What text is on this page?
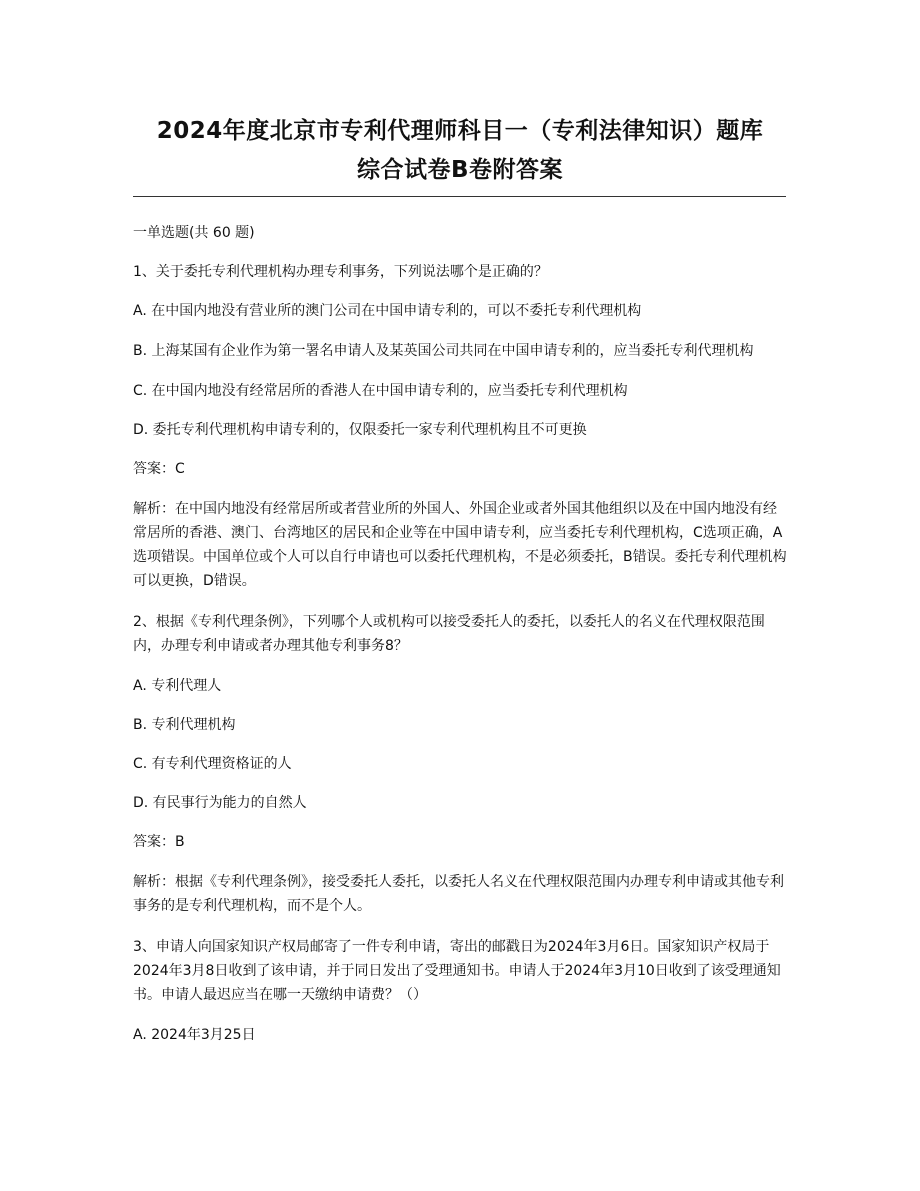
2024年度北京市专利代理师科目一（专利法律知识）题库
综合试卷B卷附答案

一单选题(共 60 题)

1、关于委托专利代理机构办理专利事务，下列说法哪个是正确的？

A. 在中国内地没有营业所的澳门公司在中国申请专利的，可以不委托专利代理机构

B. 上海某国有企业作为第一署名申请人及某英国公司共同在中国申请专利的，应当委托专利代理机构

C. 在中国内地没有经常居所的香港人在中国申请专利的，应当委托专利代理机构

D. 委托专利代理机构申请专利的，仅限委托一家专利代理机构且不可更换

答案：C

解析：在中国内地没有经常居所或者营业所的外国人、外国企业或者外国其他组织以及在中国内地没有经常居所的香港、澳门、台湾地区的居民和企业等在中国申请专利，应当委托专利代理机构，C选项正确，A选项错误。中国单位或个人可以自行申请也可以委托代理机构，不是必须委托，B错误。委托专利代理机构可以更换，D错误。

2、根据《专利代理条例》，下列哪个人或机构可以接受委托人的委托，以委托人的名义在代理权限范围内，办理专利申请或者办理其他专利事务8？

A. 专利代理人

B. 专利代理机构

C. 有专利代理资格证的人

D. 有民事行为能力的自然人

答案：B

解析：根据《专利代理条例》，接受委托人委托，以委托人名义在代理权限范围内办理专利申请或其他专利事务的是专利代理机构，而不是个人。

3、申请人向国家知识产权局邮寄了一件专利申请，寄出的邮戳日为2024年3月6日。国家知识产权局于2024年3月8日收到了该申请，并于同日发出了受理通知书。申请人于2024年3月10日收到了该受理通知书。申请人最迟应当在哪一天缴纳申请费？（）

A. 2024年3月25日
